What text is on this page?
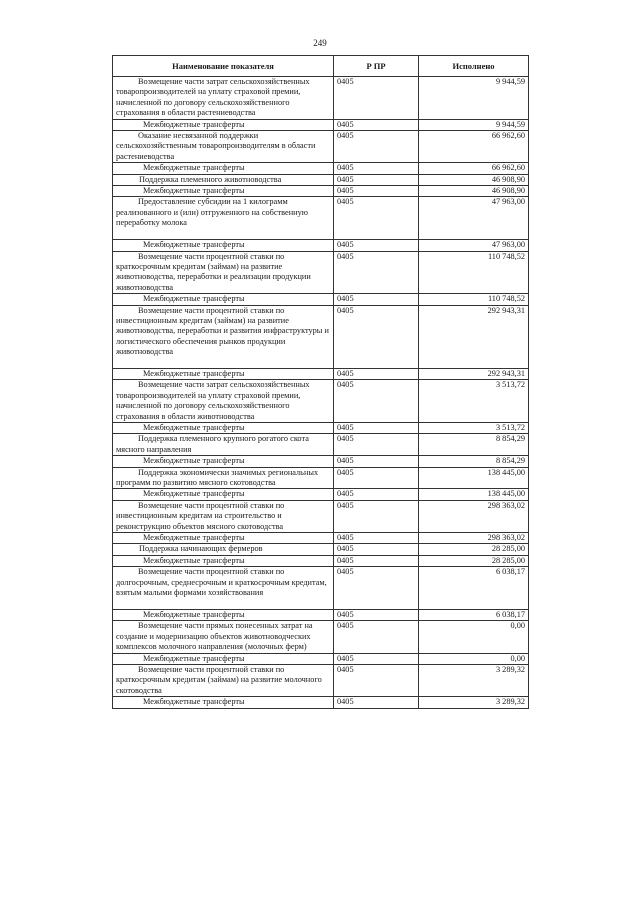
249
Наименование показателя	Р ПР	Исполнено
Возмещение части затрат сельскохозяйственных товаропроизводителей на уплату страховой премии, начисленной по договору сельскохозяйственного страхования в области растениеводства	0405	9 944,59
Межбюджетные трансферты	0405	9 944,59
Оказание несвязанной поддержки сельскохозяйственным товаропроизводителям в области растениеводства	0405	66 962,60
Межбюджетные трансферты	0405	66 962,60
Поддержка племенного животноводства	0405	46 908,90
Межбюджетные трансферты	0405	46 908,90
Предоставление субсидии на 1 килограмм реализованного и (или) отгруженного на собственную переработку молока	0405	47 963,00
Межбюджетные трансферты	0405	47 963,00
Возмещение части процентной ставки по краткосрочным кредитам (займам) на развитие животноводства, переработки и реализации продукции животноводства	0405	110 748,52
Межбюджетные трансферты	0405	110 748,52
Возмещение части процентной ставки по инвестиционным кредитам (займам) на развитие животноводства, переработки и развития инфраструктуры и логистического обеспечения рынков продукции животноводства	0405	292 943,31
Межбюджетные трансферты	0405	292 943,31
Возмещение части затрат сельскохозяйственных товаропроизводителей на уплату страховой премии, начисленной по договору сельскохозяйственного страхования в области животноводства	0405	3 513,72
Межбюджетные трансферты	0405	3 513,72
Поддержка племенного крупного рогатого скота мясного направления	0405	8 854,29
Межбюджетные трансферты	0405	8 854,29
Поддержка экономически значимых региональных программ по развитию мясного скотоводства	0405	138 445,00
Межбюджетные трансферты	0405	138 445,00
Возмещение части процентной ставки по инвестиционным кредитам на строительство и реконструкцию объектов мясного скотоводства	0405	298 363,02
Межбюджетные трансферты	0405	298 363,02
Поддержка начинающих фермеров	0405	28 285,00
Межбюджетные трансферты	0405	28 285,00
Возмещение части процентной ставки по долгосрочным, среднесрочным и краткосрочным кредитам, взятым малыми формами хозяйствования	0405	6 038,17
Межбюджетные трансферты	0405	6 038,17
Возмещение части прямых понесенных затрат на создание и модернизацию объектов животноводческих комплексов молочного направления (молочных ферм)	0405	0,00
Межбюджетные трансферты	0405	0,00
Возмещение части процентной ставки по краткосрочным кредитам (займам) на развитие молочного скотоводства	0405	3 289,32
Межбюджетные трансферты	0405	3 289,32
